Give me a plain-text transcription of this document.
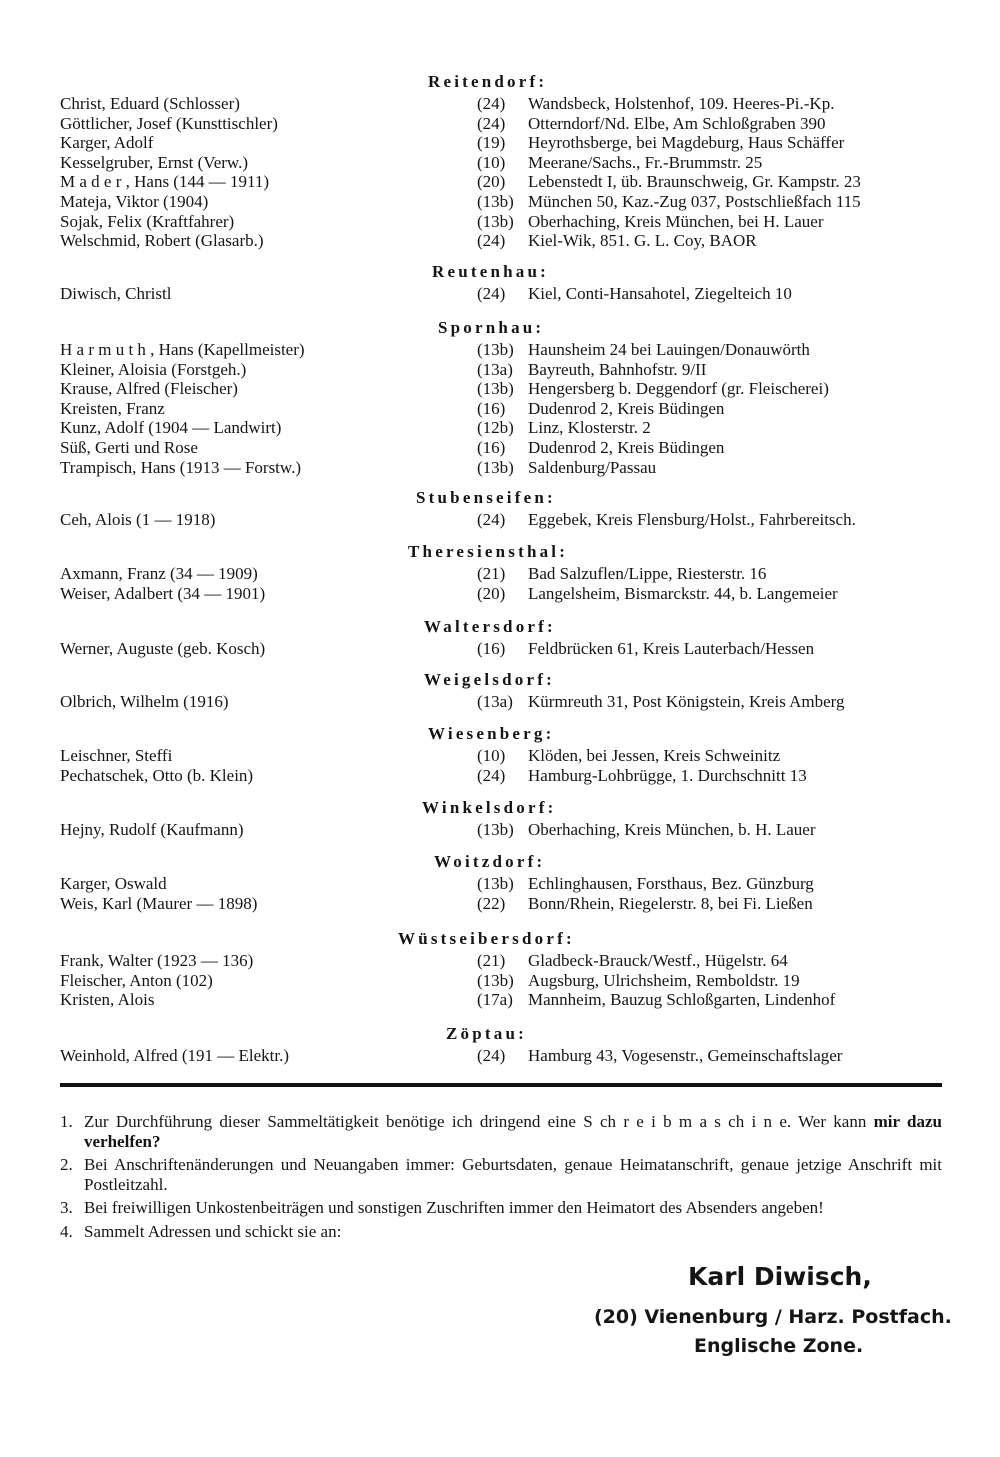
Reitendorf:
Christ, Eduard (Schlosser)	(24) Wandsbeck, Holstenhof, 109. Heeres-Pi.-Kp.
Göttlicher, Josef (Kunsttischler)	(24) Otterndorf/Nd. Elbe, Am Schloßgraben 390
Karger, Adolf	(19) Heyrothsberge, bei Magdeburg, Haus Schäffer
Kesselgruber, Ernst (Verw.)	(10) Meerane/Sachs., Fr.-Brummstr. 25
M a d e r , Hans (144 — 1911)	(20) Lebenstedt I, üb. Braunschweig, Gr. Kampstr. 23
Mateja, Viktor (1904)	(13b) München 50, Kaz.-Zug 037, Postschließfach 115
Sojak, Felix (Kraftfahrer)	(13b) Oberhaching, Kreis München, bei H. Lauer
Welschmid, Robert (Glasarb.)	(24) Kiel-Wik, 851. G. L. Coy, BAOR
Reutenhau:
Diwisch, Christl	(24) Kiel, Conti-Hansahotel, Ziegelteich 10
Spornhau:
H a r m u t h , Hans (Kapellmeister)	(13b) Haunsheim 24 bei Lauingen/Donauwörth
Kleiner, Aloisia (Forstgeh.)	(13a) Bayreuth, Bahnhofstr. 9/II
Krause, Alfred (Fleischer)	(13b) Hengersberg b. Deggendorf (gr. Fleischerei)
Kreisten, Franz	(16) Dudenrod 2, Kreis Büdingen
Kunz, Adolf (1904 — Landwirt)	(12b) Linz, Klosterstr. 2
Süß, Gerti und Rose	(16) Dudenrod 2, Kreis Büdingen
Trampisch, Hans (1913 — Forstw.)	(13b) Saldenburg/Passau
Stubenseifen:
Ceh, Alois (1 — 1918)	(24) Eggebek, Kreis Flensburg/Holst., Fahrbereitsch.
Theresiensthal:
Axmann, Franz (34 — 1909)	(21) Bad Salzuflen/Lippe, Riesterstr. 16
Weiser, Adalbert (34 — 1901)	(20) Langelsheim, Bismarckstr. 44, b. Langemeier
Waltersdorf:
Werner, Auguste (geb. Kosch)	(16) Feldbrücken 61, Kreis Lauterbach/Hessen
Weigelsdorf:
Olbrich, Wilhelm (1916)	(13a) Kürmreuth 31, Post Königstein, Kreis Amberg
Wiesenberg:
Leischner, Steffi	(10) Klöden, bei Jessen, Kreis Schweinitz
Pechatschek, Otto (b. Klein)	(24) Hamburg-Lohbrügge, 1. Durchschnitt 13
Winkelsdorf:
Hejny, Rudolf (Kaufmann)	(13b) Oberhaching, Kreis München, b. H. Lauer
Woitzdorf:
Karger, Oswald	(13b) Echlinghausen, Forsthaus, Bez. Günzburg
Weis, Karl (Maurer — 1898)	(22) Bonn/Rhein, Riegelerstr. 8, bei Fi. Ließen
Wüstseibersdorf:
Frank, Walter (1923 — 136)	(21) Gladbeck-Brauck/Westf., Hügelstr. 64
Fleischer, Anton (102)	(13b) Augsburg, Ulrichsheim, Remboldstr. 19
Kristen, Alois	(17a) Mannheim, Bauzug Schloßgarten, Lindenhof
Zöptau:
Weinhold, Alfred (191 — Elektr.)	(24) Hamburg 43, Vogesenstr., Gemeinschaftslager
1. Zur Durchführung dieser Sammeltätigkeit benötige ich dringend eine S ch r e i b m a s ch i n e. Wer kann mir dazu verhelfen?
2. Bei Anschriftenänderungen und Neuangaben immer: Geburtsdaten, genaue Heimatanschrift, genaue jetzige Anschrift mit Postleitzahl.
3. Bei freiwilligen Unkostenbeiträgen und sonstigen Zuschriften immer den Heimatort des Absenders angeben!
4. Sammelt Adressen und schickt sie an:
Karl Diwisch,
(20) Vienenburg / Harz. Postfach.
Englische Zone.
